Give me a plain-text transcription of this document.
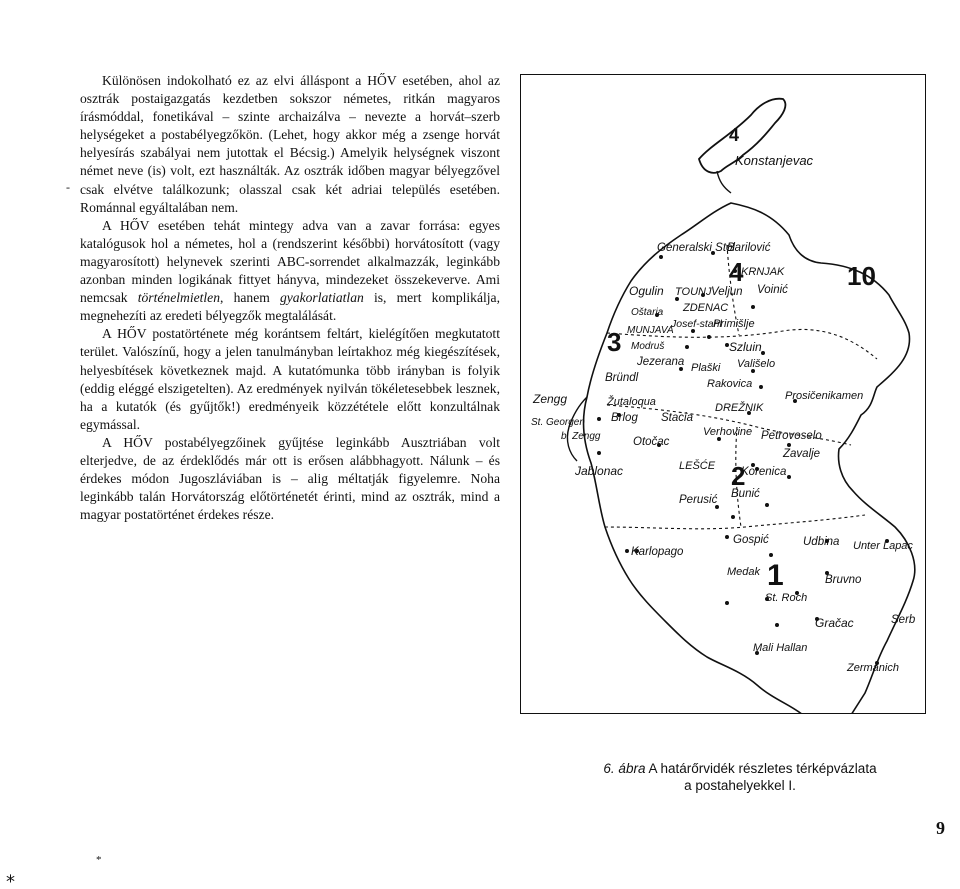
Különösen indokolható ez az elvi álláspont a HŐV esetében, ahol az osztrák postaigazgatás kezdetben sokszor németes, ritkán magyaros írásmóddal, fonetikával – szinte archaizálva – nevezte a horvát–szerb helységeket a postabélyegzőkön. (Lehet, hogy akkor még a zsenge horvát helyesírás szabályai nem jutottak el Bécsig.) Amelyik helységnek viszont német neve (is) volt, ezt használták. Az osztrák időben magyar bélyegzővel csak elvétve találkozunk; olasszal csak két adriai település esetében. Románnal egyáltalában nem.

A HŐV esetében tehát mintegy adva van a zavar forrása: egyes katalógusok hol a németes, hol a (rendszerint későbbi) horvátosított (vagy magyarosított) helynevek szerinti ABC-sorrendet alkalmazzák, leginkább azonban minden logikának fittyet hányva, mindezeket összekeverve. Ami nemcsak történelmietlen, hanem gyakorlatiatlan is, mert komplikálja, megnehezíti az eredeti bélyegzők megtalálását.

A HŐV postatörténete még korántsem feltárt, kielégítően megkutatott terület. Valószínű, hogy a jelen tanulmányban leírtakhoz még kiegészítések, helyesbítések következnek majd. A kutatómunka több irányban is folyik (eddig eléggé elszigetelten). Az eredmények nyilván tökéletesebbek lesznek, ha a kutatók (és gyűjtők!) eredményeik közzététele előtt konzultálnak egymással.

A HŐV postabélyegzőinek gyűjtése leginkább Ausztriában volt elterjedve, de az érdeklődés már ott is erősen alábbhagyott. Nálunk – és érdekes módon Jugoszláviában is – alig méltatják figyelemre. Noha leginkább talán Horvátország előtörténetét érinti, mind az osztrák, mind a magyar postatörténet érdekes része.

-
Konstanjevac
Generalski Stol
Barilović
KRNJAK
Ogulin TOUNJ Veljun Voinić
Oštaria ZDENAC
MUNJAVA
Josef-stahl
Primišlje
Modruš	Szluin
Jezerana Plaški Vališelo
Bründl	Rakovica
Zengg	Žutaloqua	Prosičenikamen
DREŽNIK
St. Georgen
b. Zengg
Brlog Stacia
Verhovine
Otočac	Petrovoselo
Zavalje
Jablonac	LEŠĆE Korenica
Perusić Bunić
Karlopago
Gospić	Udbina Unter Lapac
Medak
Bruvno
St. Roch
Gračac	Serb
Mali Hallan
Zermanich
4
4	10
3
2
1
6. ábra A határőrvidék részletes térképvázlata
a postahelyekkel I.
9
*
⁎
